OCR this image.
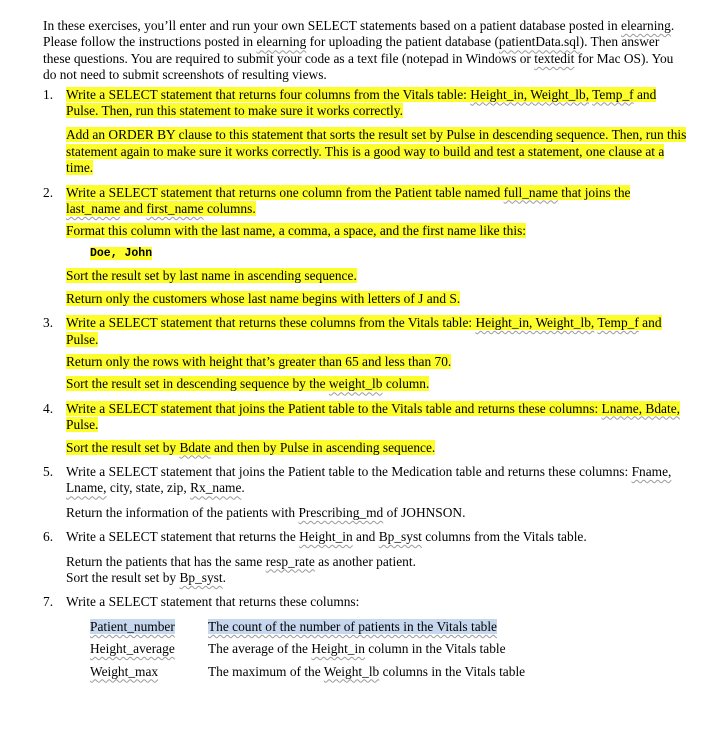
In these exercises, you’ll enter and run your own SELECT statements based on a patient database posted in elearning. Please follow the instructions posted in elearning for uploading the patient database (patientData.sql). Then answer these questions. You are required to submit your code as a text file (notepad in Windows or textedit for Mac OS). You do not need to submit screenshots of resulting views.

1. Write a SELECT statement that returns four columns from the Vitals table: Height_in, Weight_lb, Temp_f and Pulse. Then, run this statement to make sure it works correctly.
Add an ORDER BY clause to this statement that sorts the result set by Pulse in descending sequence. Then, run this statement again to make sure it works correctly. This is a good way to build and test a statement, one clause at a time.
2. Write a SELECT statement that returns one column from the Patient table named full_name that joins the last_name and first_name columns.
Format this column with the last name, a comma, a space, and the first name like this:
Doe, John
Sort the result set by last name in ascending sequence.
Return only the customers whose last name begins with letters of J and S.
3. Write a SELECT statement that returns these columns from the Vitals table: Height_in, Weight_lb, Temp_f and Pulse.
Return only the rows with height that’s greater than 65 and less than 70.
Sort the result set in descending sequence by the weight_lb column.
4. Write a SELECT statement that joins the Patient table to the Vitals table and returns these columns: Lname, Bdate, Pulse.
Sort the result set by Bdate and then by Pulse in ascending sequence.
5. Write a SELECT statement that joins the Patient table to the Medication table and returns these columns: Fname, Lname, city, state, zip, Rx_name.
Return the information of the patients with Prescribing_md of JOHNSON.
6. Write a SELECT statement that returns the Height_in and Bp_syst columns from the Vitals table.
Return the patients that has the same resp_rate as another patient.
Sort the result set by Bp_syst.
7. Write a SELECT statement that returns these columns:
Patient_number	The count of the number of patients in the Vitals table
Height_average	The average of the Height_in column in the Vitals table
Weight_max	The maximum of the Weight_lb columns in the Vitals table
